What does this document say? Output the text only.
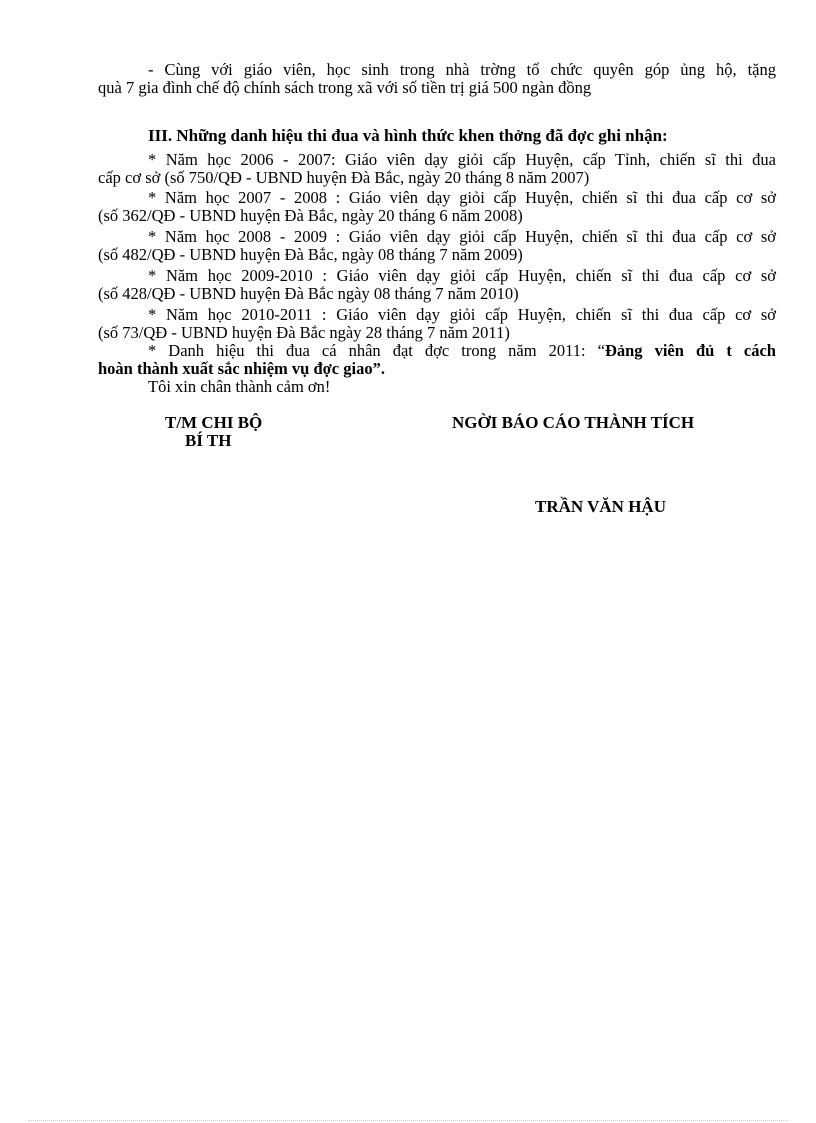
- Cùng với giáo viên, học sinh trong nhà trờng tổ chức quyên góp ủng hộ, tặng
quà 7 gia đình chế độ chính sách trong xã với số tiền trị giá 500 ngàn đồng
III. Những danh hiệu thi đua và hình thức khen thởng đã đợc ghi nhận:
* Năm học 2006 - 2007: Giáo viên dạy giỏi cấp Huyện, cấp Tỉnh, chiến sĩ thi đua
cấp cơ sở (số 750/QĐ - UBND huyện Đà Bắc, ngày 20 tháng 8 năm 2007)
* Năm học 2007 - 2008 : Giáo viên dạy giỏi cấp Huyện, chiến sĩ thi đua cấp cơ sở
(số 362/QĐ - UBND huyện Đà Bắc, ngày 20 tháng 6 năm 2008)
* Năm học 2008 - 2009 : Giáo viên dạy giỏi cấp Huyện, chiến sĩ thi đua cấp cơ sở
(số 482/QĐ - UBND huyện Đà Bắc, ngày 08 tháng 7 năm 2009)
* Năm học 2009-2010 : Giáo viên dạy giỏi cấp Huyện, chiến sĩ thi đua cấp cơ sở
(số 428/QĐ - UBND huyện Đà Bắc ngày 08 tháng 7 năm 2010)
* Năm học 2010-2011 : Giáo viên dạy giỏi cấp Huyện, chiến sĩ thi đua cấp cơ sở
(số 73/QĐ - UBND huyện Đà Bắc ngày 28 tháng 7 năm 2011)
* Danh hiệu thi đua cá nhân đạt đợc trong năm 2011: “Đảng viên đủ t cách
hoàn thành xuất sắc nhiệm vụ đợc giao”.
Tôi xin chân thành cảm ơn!
T/M CHI BỘ
BÍ TH
NGỜI BÁO CÁO THÀNH TÍCH
TRẦN VĂN HẬU
